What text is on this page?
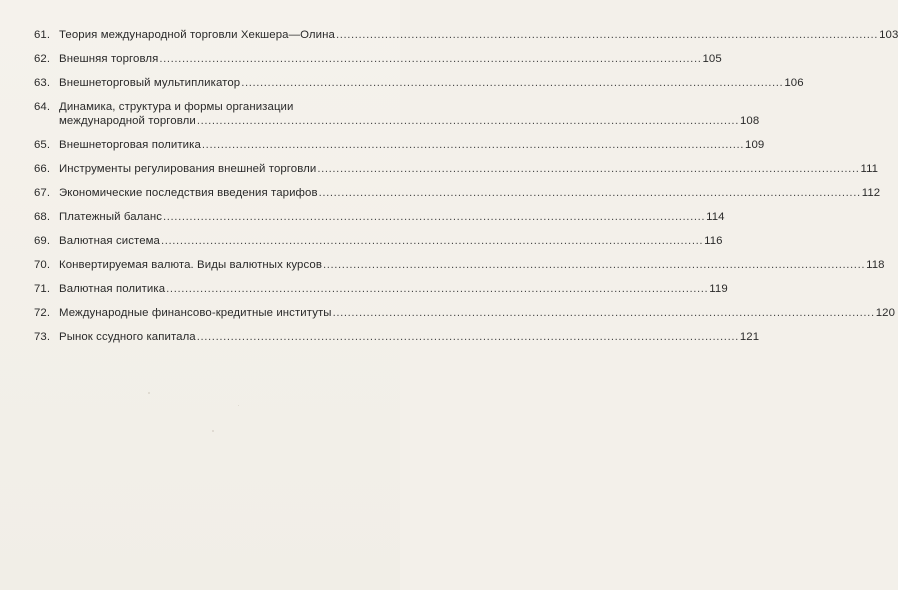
61. Теория международной торговли Хекшера—Олина .....	103
62. Внешняя торговля .....	105
63. Внешнеторговый мультипликатор .....	106
64. Динамика, структура и формы организации
международной торговли .....	108
65. Внешнеторговая политика .....	109
66. Инструменты регулирования внешней торговли .....	111
67. Экономические последствия введения тарифов .....	112
68. Платежный баланс .....	114
69. Валютная система .....	116
70. Конвертируемая валюта. Виды валютных курсов .....	118
71. Валютная политика .....	119
72. Международные финансово-кредитные институты .....	120
73. Рынок ссудного капитала .....	121
